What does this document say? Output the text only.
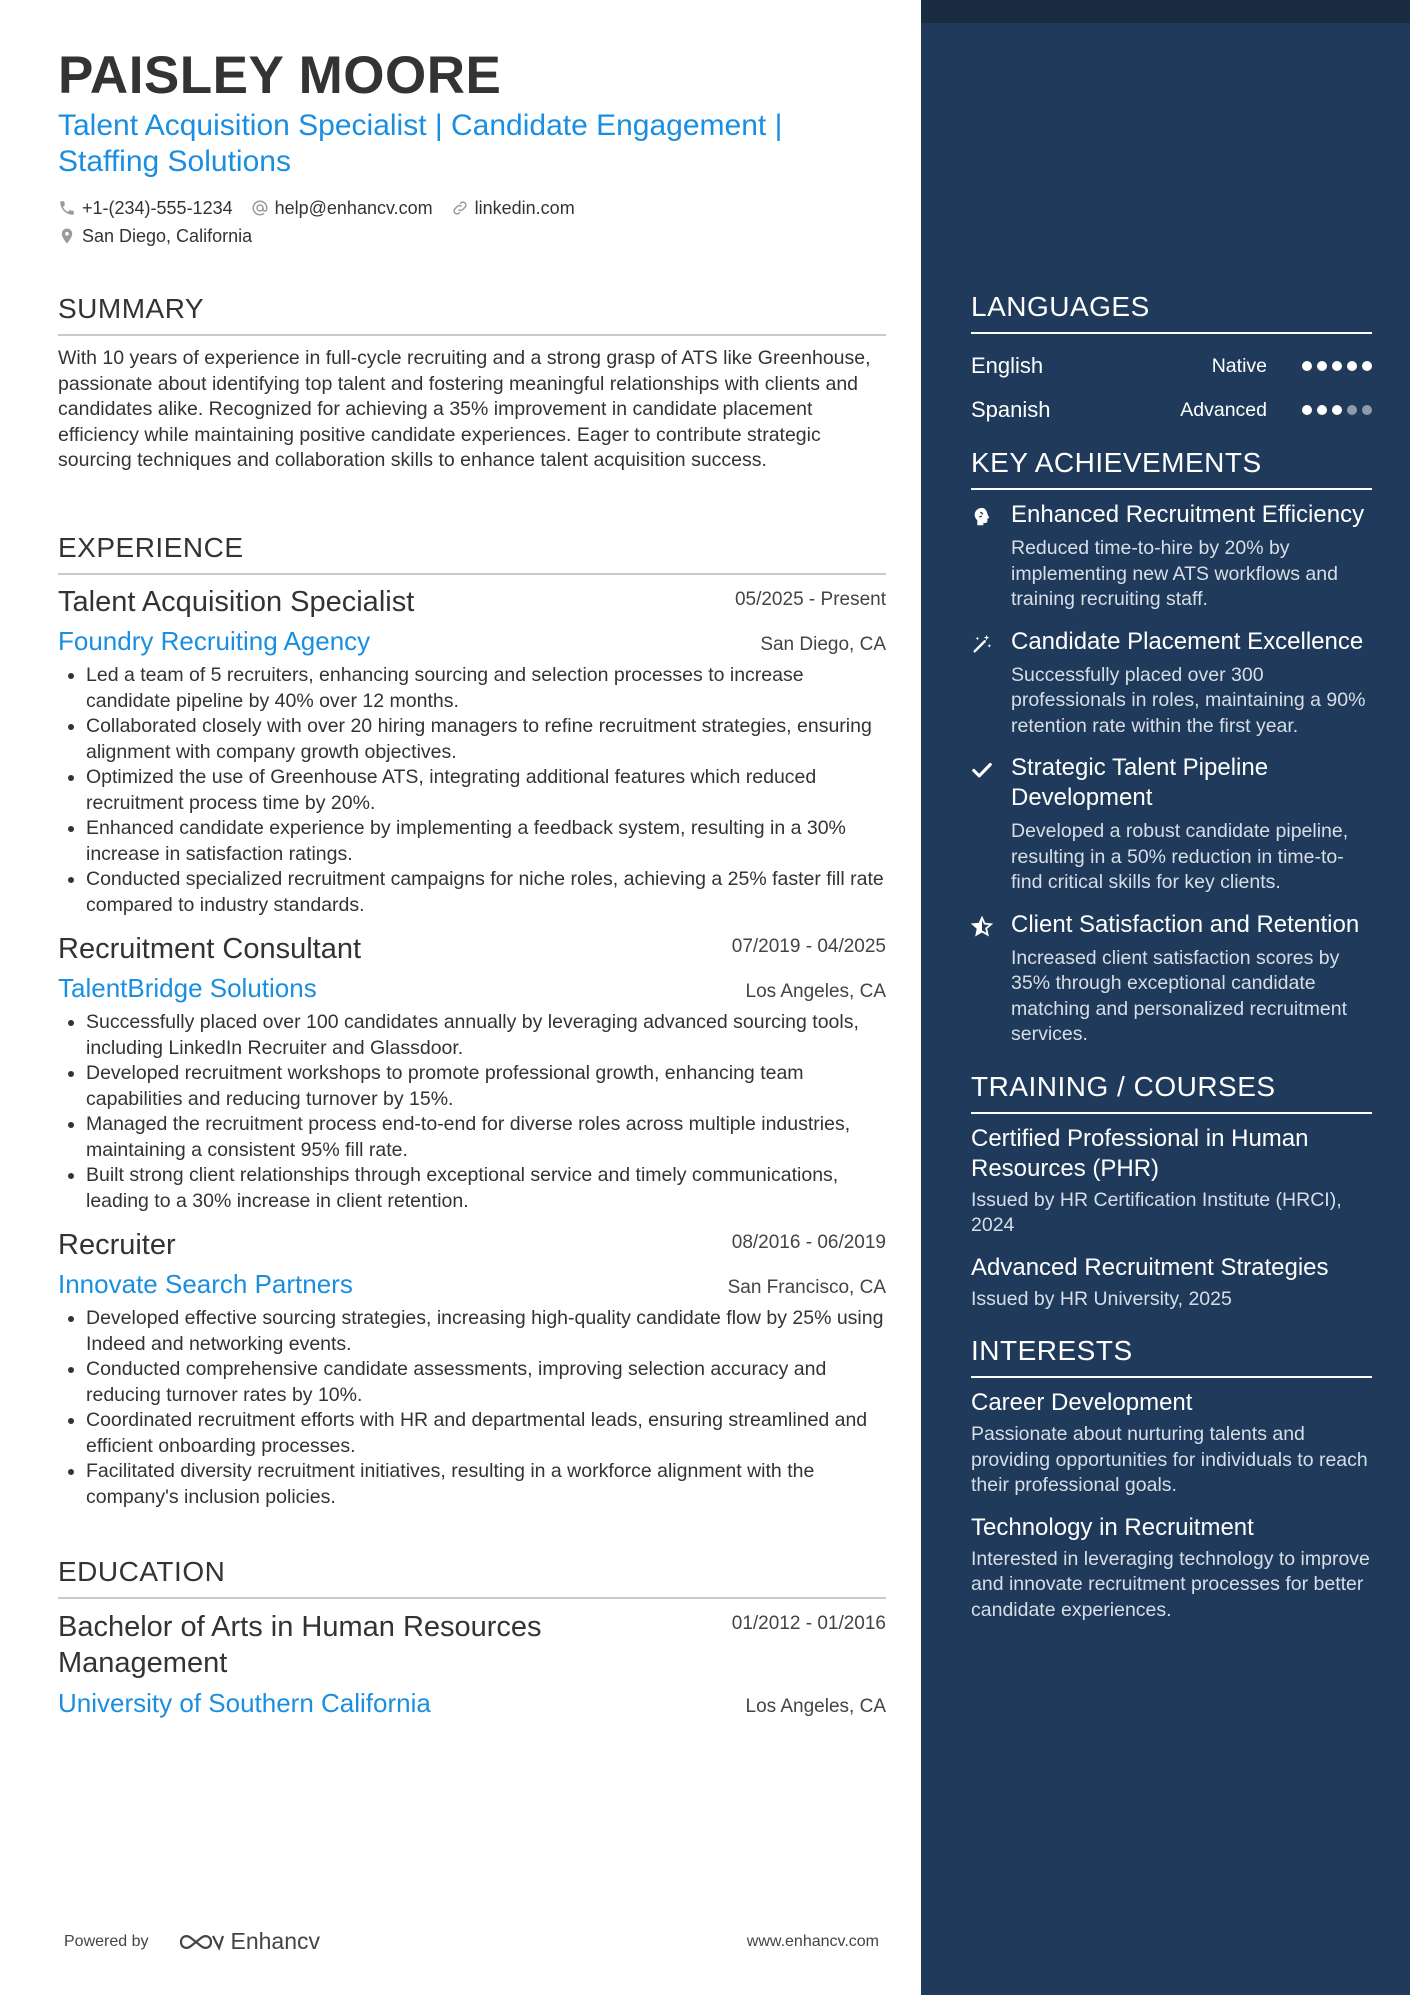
PAISLEY MOORE
Talent Acquisition Specialist | Candidate Engagement |
Staffing Solutions
+1-(234)-555-1234 help@enhancv.com linkedin.com
San Diego, California
SUMMARY

With 10 years of experience in full-cycle recruiting and a strong grasp of ATS like Greenhouse, passionate about identifying top talent and fostering meaningful relationships with clients and candidates alike. Recognized for achieving a 35% improvement in candidate placement efficiency while maintaining positive candidate experiences. Eager to contribute strategic sourcing techniques and collaboration skills to enhance talent acquisition success.

EXPERIENCE
Talent Acquisition Specialist	05/2025 - Present
Foundry Recruiting Agency	San Diego, CA
• Led a team of 5 recruiters, enhancing sourcing and selection processes to increase candidate pipeline by 40% over 12 months.
• Collaborated closely with over 20 hiring managers to refine recruitment strategies, ensuring alignment with company growth objectives.
• Optimized the use of Greenhouse ATS, integrating additional features which reduced recruitment process time by 20%.
• Enhanced candidate experience by implementing a feedback system, resulting in a 30% increase in satisfaction ratings.
• Conducted specialized recruitment campaigns for niche roles, achieving a 25% faster fill rate compared to industry standards.
Recruitment Consultant	07/2019 - 04/2025
TalentBridge Solutions	Los Angeles, CA
• Successfully placed over 100 candidates annually by leveraging advanced sourcing tools, including LinkedIn Recruiter and Glassdoor.
• Developed recruitment workshops to promote professional growth, enhancing team capabilities and reducing turnover by 15%.
• Managed the recruitment process end-to-end for diverse roles across multiple industries, maintaining a consistent 95% fill rate.
• Built strong client relationships through exceptional service and timely communications, leading to a 30% increase in client retention.
Recruiter	08/2016 - 06/2019
Innovate Search Partners	San Francisco, CA
• Developed effective sourcing strategies, increasing high-quality candidate flow by 25% using Indeed and networking events.
• Conducted comprehensive candidate assessments, improving selection accuracy and reducing turnover rates by 10%.
• Coordinated recruitment efforts with HR and departmental leads, ensuring streamlined and efficient onboarding processes.
• Facilitated diversity recruitment initiatives, resulting in a workforce alignment with the company's inclusion policies.
EDUCATION
Bachelor of Arts in Human Resources Management
01/2012 - 01/2016
University of Southern California	Los Angeles, CA
Powered by	Enhancv	www.enhancv.com
LANGUAGES
English	Native
Spanish	Advanced
KEY ACHIEVEMENTS
Enhanced Recruitment Efficiency
Reduced time-to-hire by 20% by implementing new ATS workflows and training recruiting staff.
Candidate Placement Excellence
Successfully placed over 300 professionals in roles, maintaining a 90% retention rate within the first year.
Strategic Talent Pipeline Development
Developed a robust candidate pipeline, resulting in a 50% reduction in time-to-find critical skills for key clients.
Client Satisfaction and Retention
Increased client satisfaction scores by 35% through exceptional candidate matching and personalized recruitment services.
TRAINING / COURSES
Certified Professional in Human Resources (PHR)
Issued by HR Certification Institute (HRCI), 2024
Advanced Recruitment Strategies
Issued by HR University, 2025
INTERESTS
Career Development
Passionate about nurturing talents and providing opportunities for individuals to reach their professional goals.
Technology in Recruitment
Interested in leveraging technology to improve and innovate recruitment processes for better candidate experiences.
